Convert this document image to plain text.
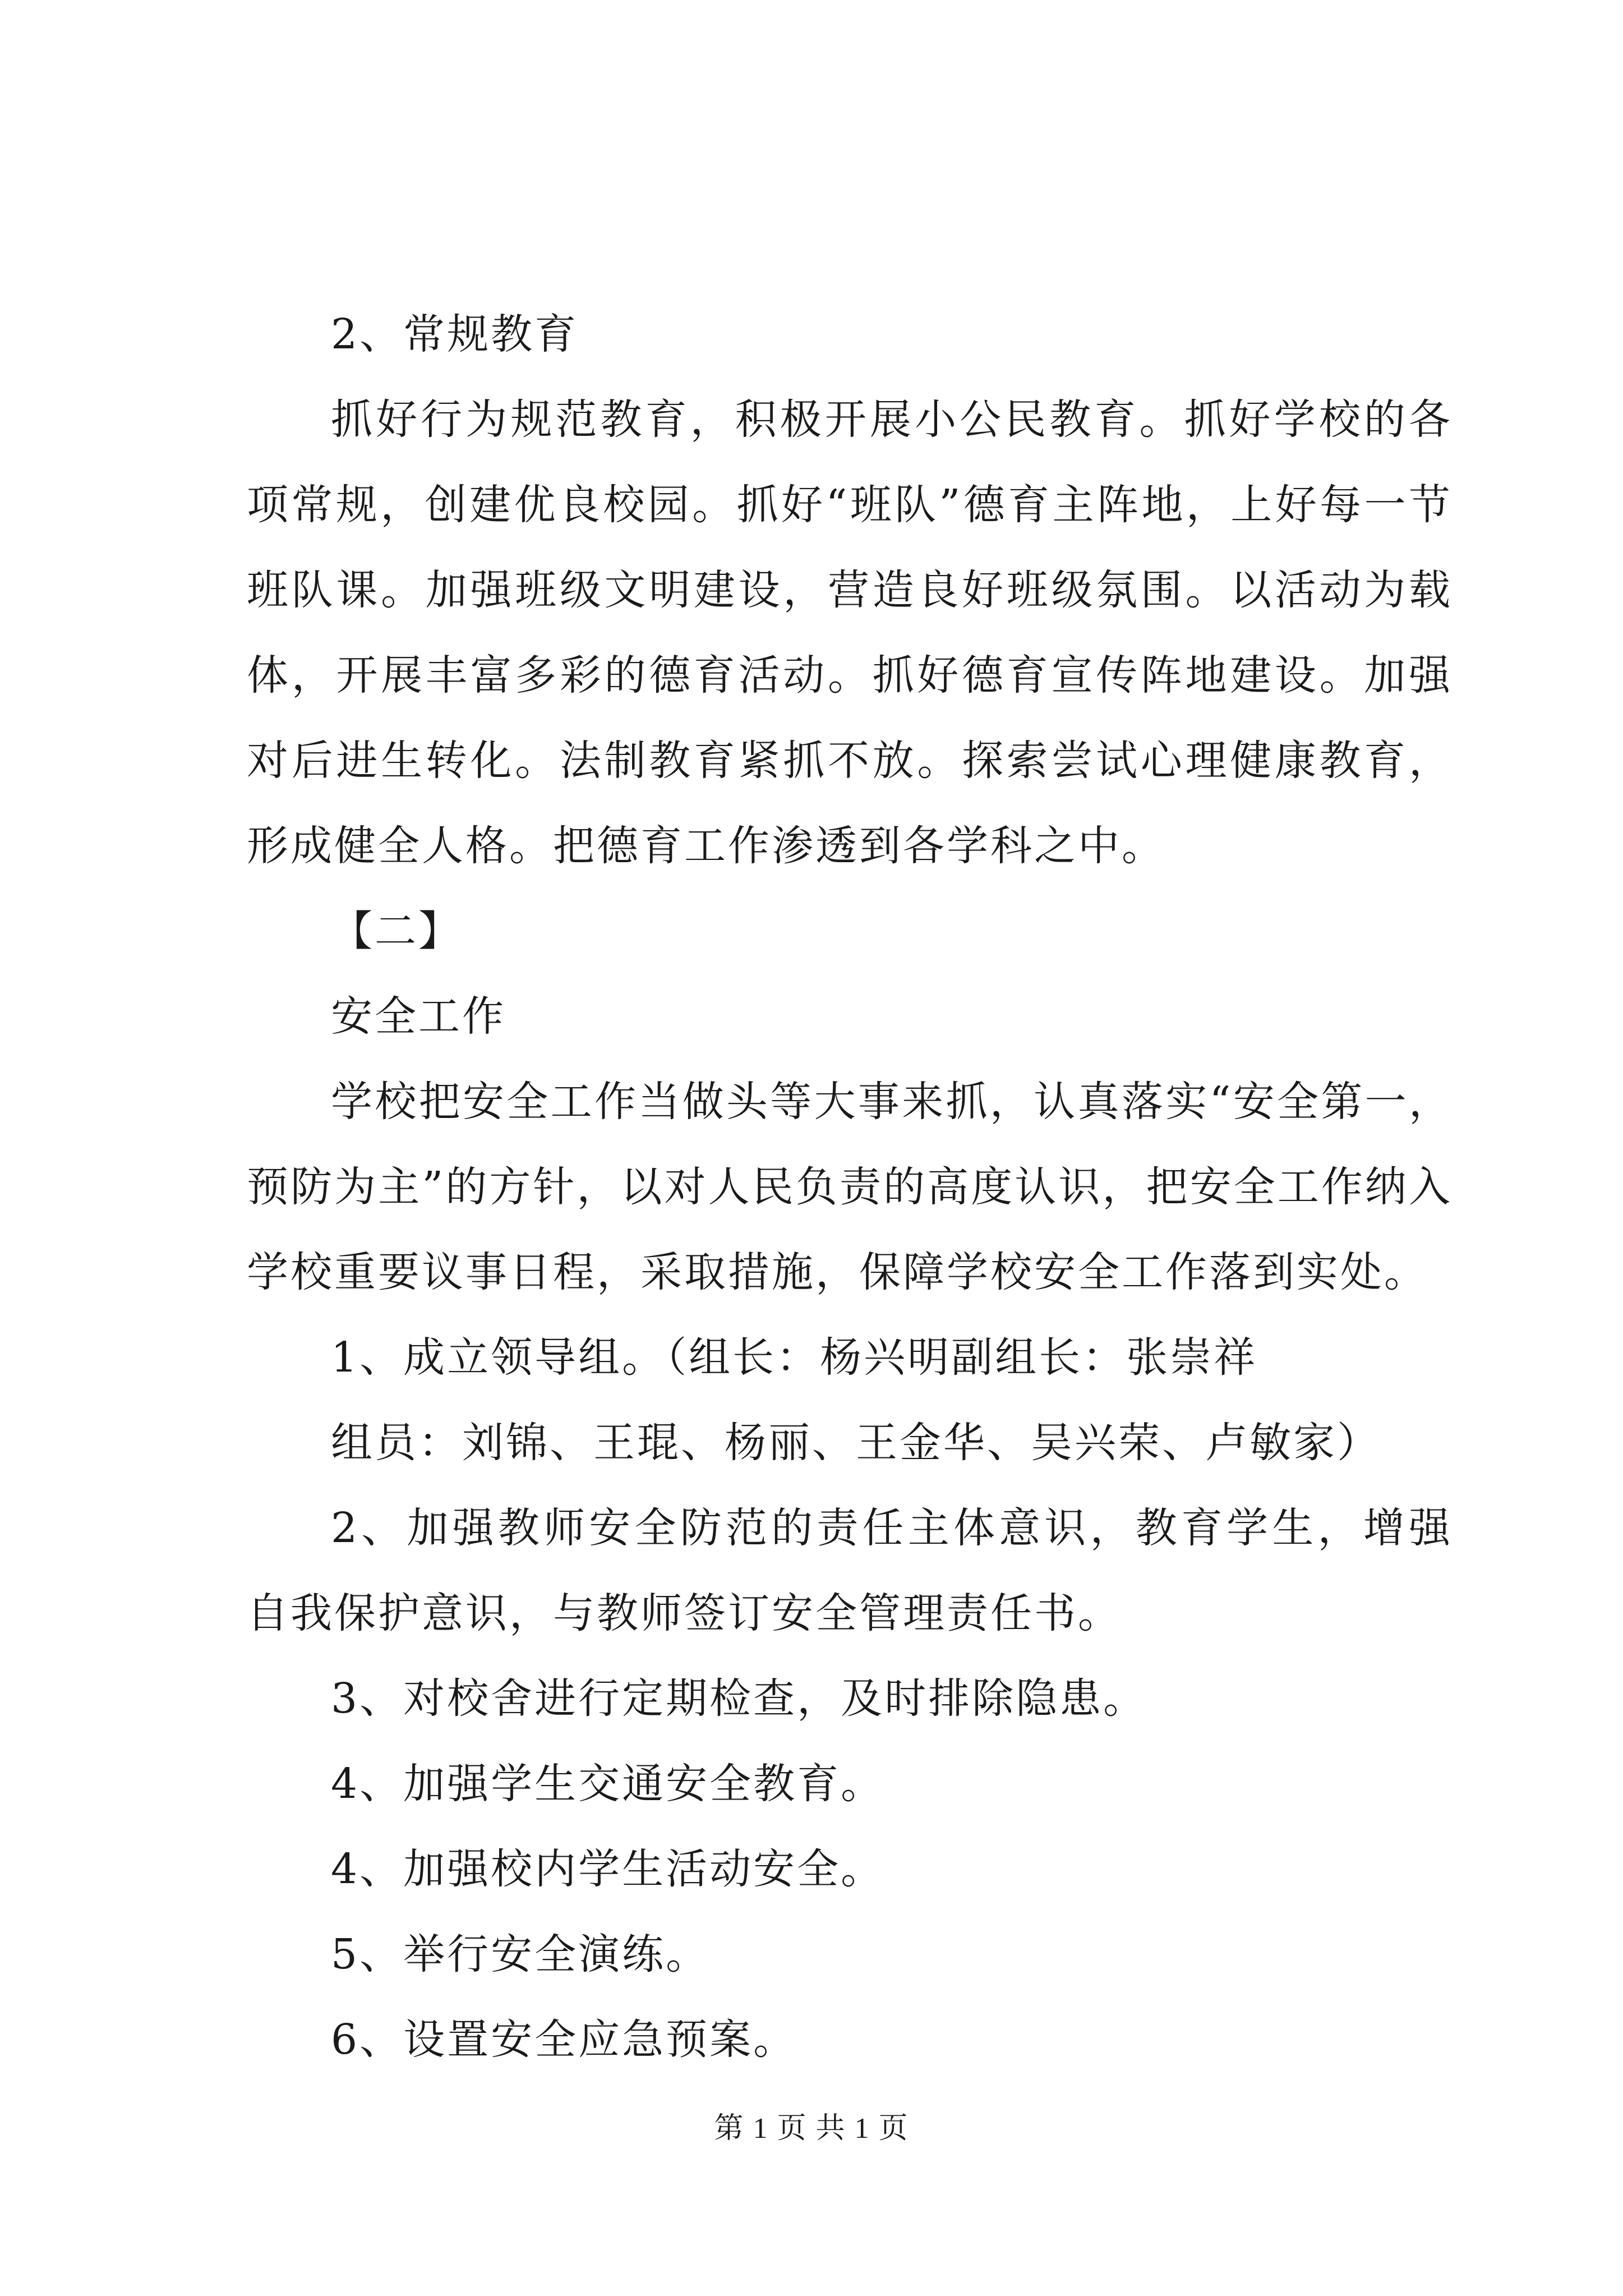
2、常规教育

抓好行为规范教育，积极开展小公民教育。抓好学校的各项常规，创建优良校园。抓好“班队”德育主阵地，上好每一节班队课。加强班级文明建设，营造良好班级氛围。以活动为载体，开展丰富多彩的德育活动。抓好德育宣传阵地建设。加强对后进生转化。法制教育紧抓不放。探索尝试心理健康教育，形成健全人格。把德育工作渗透到各学科之中。

【二】

安全工作

学校把安全工作当做头等大事来抓，认真落实“安全第一，预防为主”的方针，以对人民负责的高度认识，把安全工作纳入学校重要议事日程，采取措施，保障学校安全工作落到实处。

1、成立领导组。（组长：杨兴明副组长：张崇祥

组员：刘锦、王琨、杨丽、王金华、吴兴荣、卢敏家）

2、加强教师安全防范的责任主体意识，教育学生，增强自我保护意识，与教师签订安全管理责任书。

3、对校舍进行定期检查，及时排除隐患。

4、加强学生交通安全教育。

4、加强校内学生活动安全。

5、举行安全演练。

6、设置安全应急预案。

第 1 页 共 1 页
